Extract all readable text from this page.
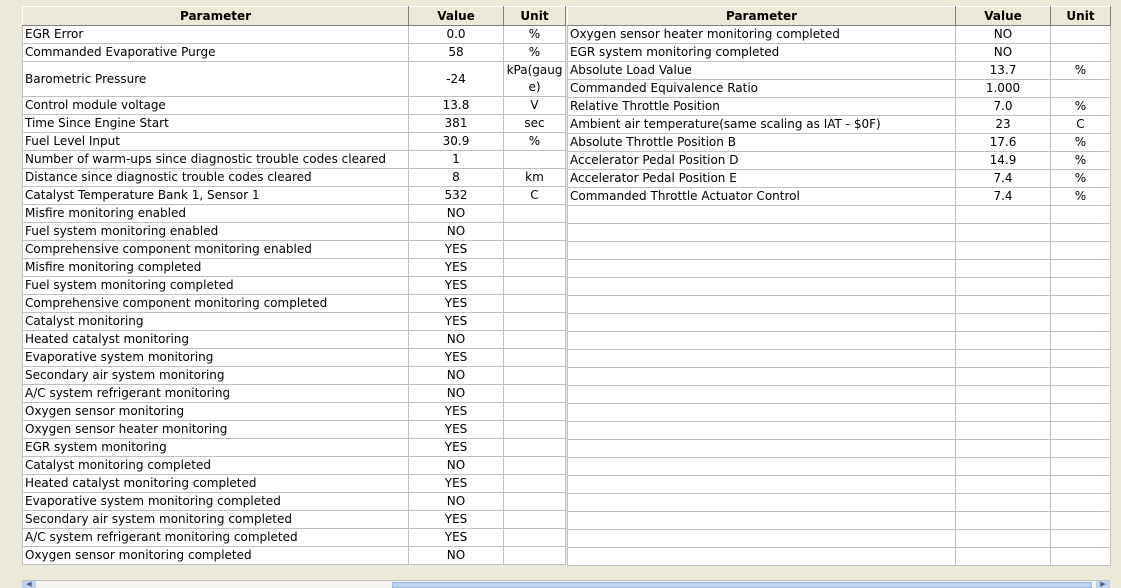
Parameter	Value	Unit
EGR Error	0.0	%
Commanded Evaporative Purge	58	%
Barometric Pressure	-24	kPa(gauge)
Control module voltage	13.8	V
Time Since Engine Start	381	sec
Fuel Level Input	30.9	%
Number of warm-ups since diagnostic trouble codes cleared	1	
Distance since diagnostic trouble codes cleared	8	km
Catalyst Temperature Bank 1, Sensor 1	532	C
Misfire monitoring enabled	NO	
Fuel system monitoring enabled	NO	
Comprehensive component monitoring enabled	YES	
Misfire monitoring completed	YES	
Fuel system monitoring completed	YES	
Comprehensive component monitoring completed	YES	
Catalyst monitoring	YES	
Heated catalyst monitoring	NO	
Evaporative system monitoring	YES	
Secondary air system monitoring	NO	
A/C system refrigerant monitoring	NO	
Oxygen sensor monitoring	YES	
Oxygen sensor heater monitoring	YES	
EGR system monitoring	YES	
Catalyst monitoring completed	NO	
Heated catalyst monitoring completed	YES	
Evaporative system monitoring completed	NO	
Secondary air system monitoring completed	YES	
A/C system refrigerant monitoring completed	YES	
Oxygen sensor monitoring completed	NO	
Parameter	Value	Unit
Oxygen sensor heater monitoring completed	NO	
EGR system monitoring completed	NO	
Absolute Load Value	13.7	%
Commanded Equivalence Ratio	1.000	
Relative Throttle Position	7.0	%
Ambient air temperature(same scaling as IAT - $0F)	23	C
Absolute Throttle Position B	17.6	%
Accelerator Pedal Position D	14.9	%
Accelerator Pedal Position E	7.4	%
Commanded Throttle Actuator Control	7.4	%

◀	▶
